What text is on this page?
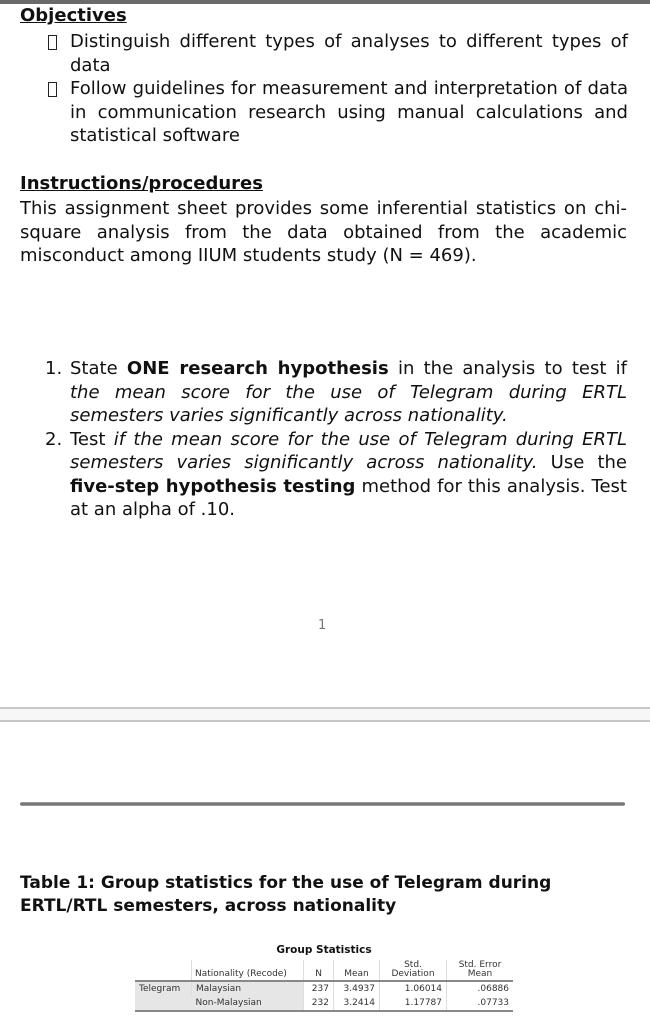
Objectives
Distinguish different types of analyses to different types of data
Follow guidelines for measurement and interpretation of data in communication research using manual calculations and statistical software
Instructions/procedures
This assignment sheet provides some inferential statistics on chi-square analysis from the data obtained from the academic misconduct among IIUM students study (N = 469).
1. State ONE research hypothesis in the analysis to test if the mean score for the use of Telegram during ERTL semesters varies significantly across nationality.
2. Test if the mean score for the use of Telegram during ERTL semesters varies significantly across nationality. Use the five-step hypothesis testing method for this analysis. Test at an alpha of .10.
1
Table 1: Group statistics for the use of Telegram during ERTL/RTL semesters, across nationality
Group Statistics
	Nationality (Recode)	N	Mean	Std. Deviation	Std. Error Mean
Telegram	Malaysian	237	3.4937	1.06014	.06886
	Non-Malaysian	232	3.2414	1.17787	.07733
